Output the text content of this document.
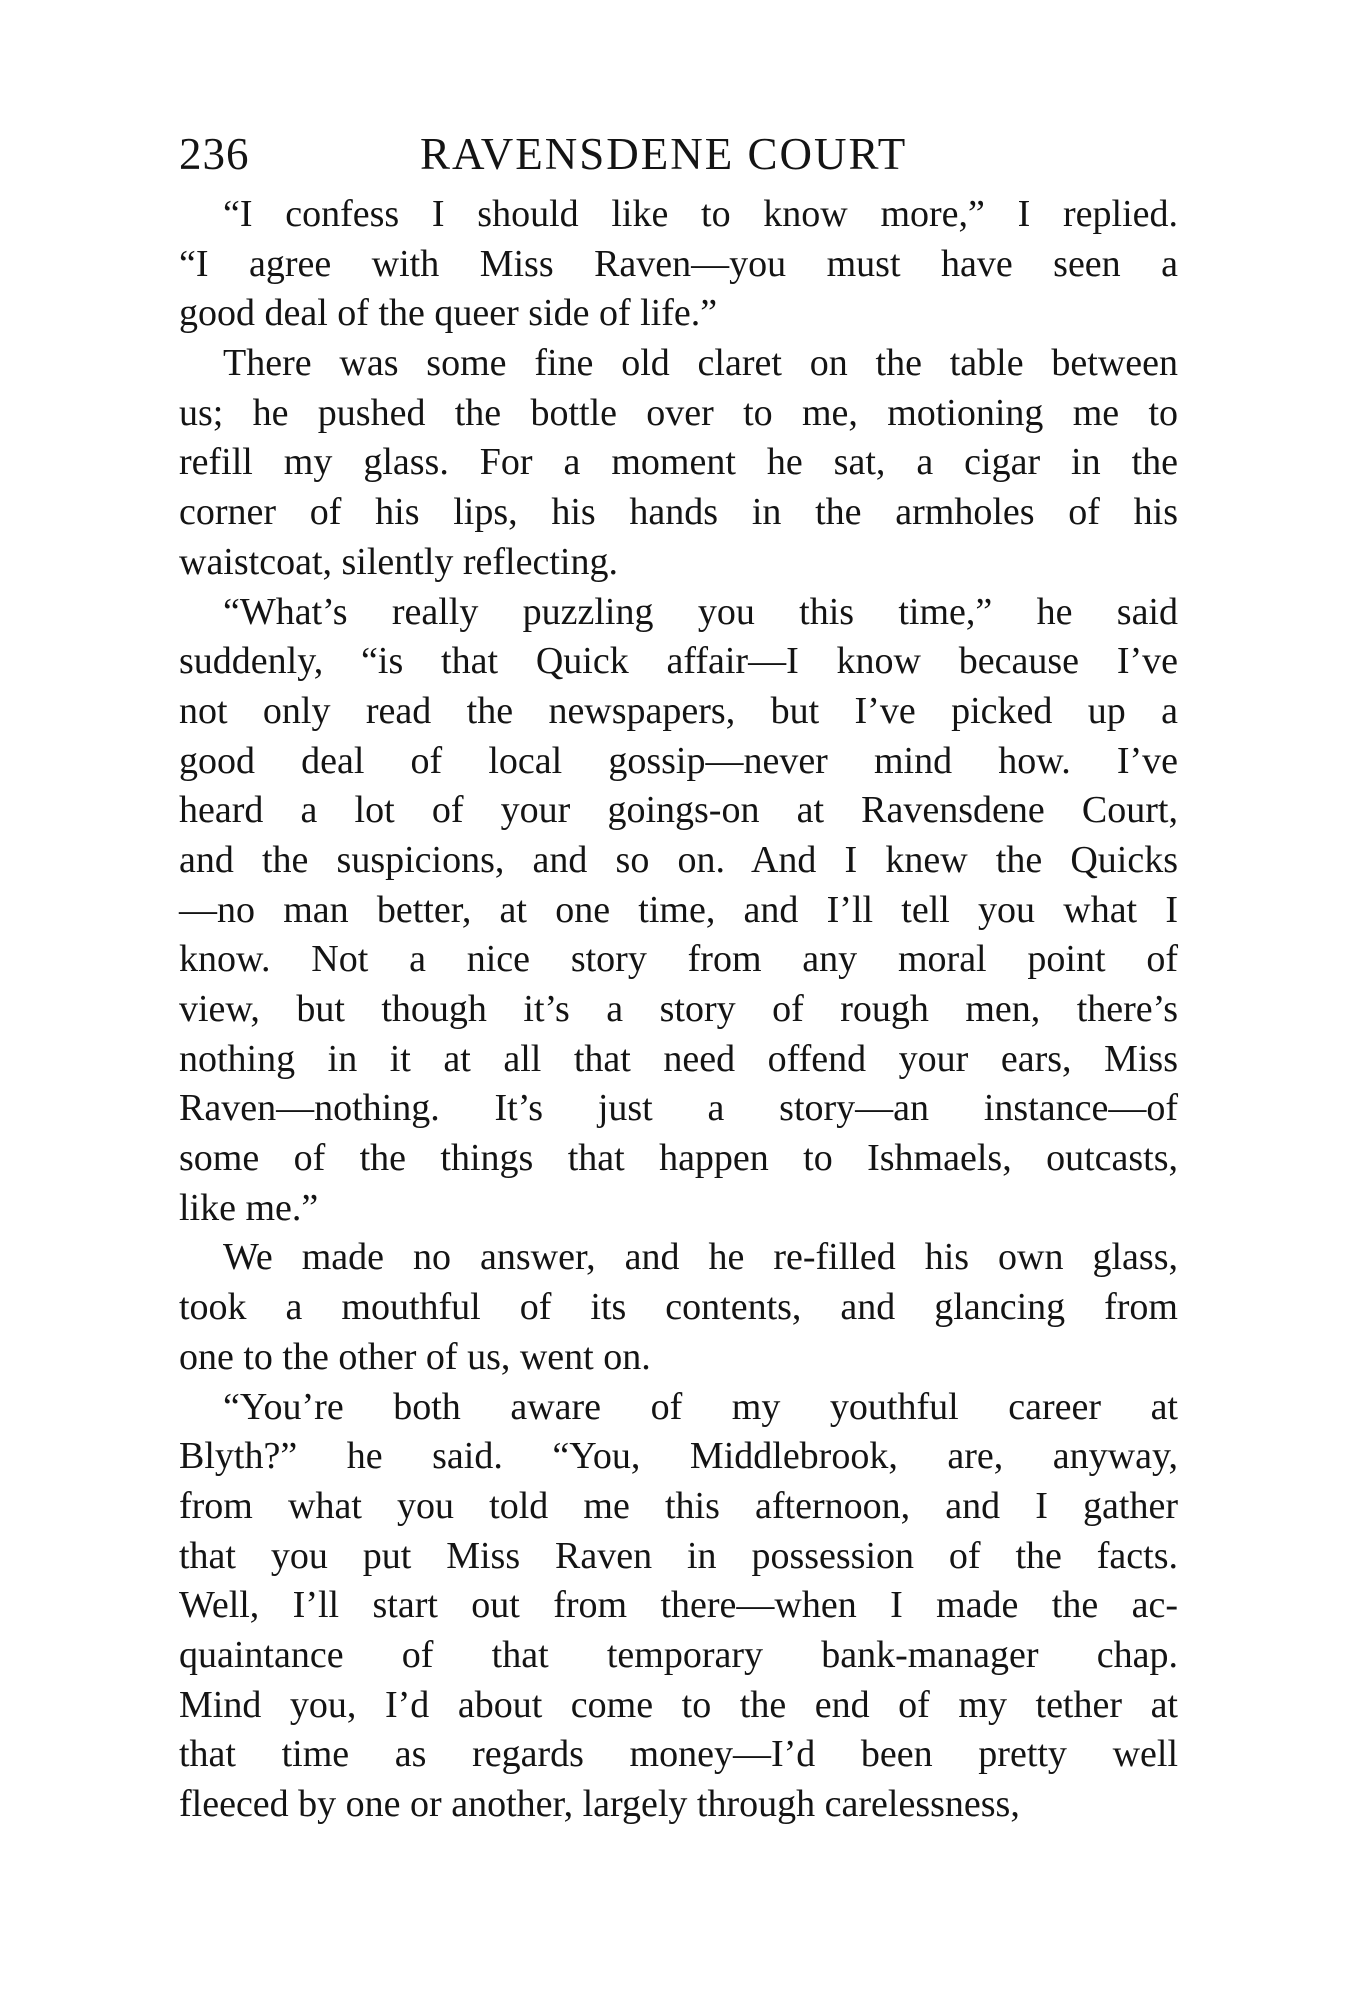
236	RAVENSDENE COURT
“I confess I should like to know more,” I replied.
“I agree with Miss Raven—you must have seen a
good deal of the queer side of life.”
There was some fine old claret on the table between
us; he pushed the bottle over to me, motioning me to
refill my glass. For a moment he sat, a cigar in the
corner of his lips, his hands in the armholes of his
waistcoat, silently reflecting.
“What’s really puzzling you this time,” he said
suddenly, “is that Quick affair—I know because I’ve
not only read the newspapers, but I’ve picked up a
good deal of local gossip—never mind how. I’ve
heard a lot of your goings-on at Ravensdene Court,
and the suspicions, and so on. And I knew the Quicks
—no man better, at one time, and I’ll tell you what I
know. Not a nice story from any moral point of
view, but though it’s a story of rough men, there’s
nothing in it at all that need offend your ears, Miss
Raven—nothing. It’s just a story—an instance—of
some of the things that happen to Ishmaels, outcasts,
like me.”
We made no answer, and he re-filled his own glass,
took a mouthful of its contents, and glancing from
one to the other of us, went on.
“You’re both aware of my youthful career at
Blyth?” he said. “You, Middlebrook, are, anyway,
from what you told me this afternoon, and I gather
that you put Miss Raven in possession of the facts.
Well, I’ll start out from there—when I made the ac-
quaintance of that temporary bank-manager chap.
Mind you, I’d about come to the end of my tether at
that time as regards money—I’d been pretty well
fleeced by one or another, largely through carelessness,
